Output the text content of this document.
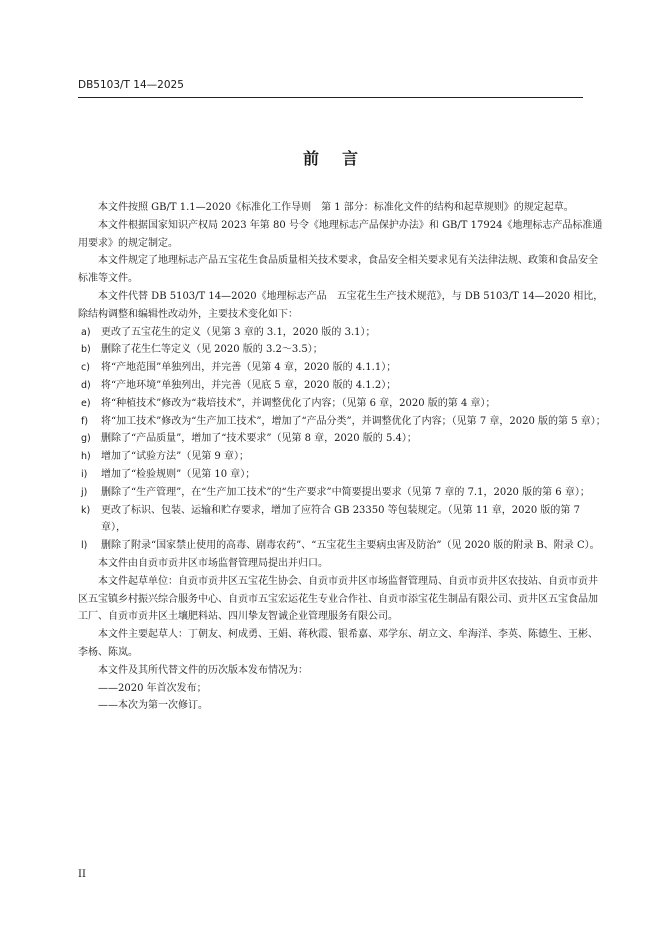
DB5103/T 14—2025
前 言

本文件按照 GB/T 1.1—2020《标准化工作导则　第 1 部分：标准化文件的结构和起草规则》的规定起草。

本文件根据国家知识产权局 2023 年第 80 号令《地理标志产品保护办法》和 GB/T 17924《地理标志产品标准通用要求》的规定制定。

本文件规定了地理标志产品五宝花生食品质量相关技术要求，食品安全相关要求见有关法律法规、政策和食品安全标准等文件。

本文件代替 DB 5103/T 14—2020《地理标志产品　五宝花生生产技术规范》，与 DB 5103/T 14—2020 相比，除结构调整和编辑性改动外，主要技术变化如下：

a)	更改了五宝花生的定义（见第 3 章的 3.1，2020 版的 3.1）；
b)	删除了花生仁等定义（见 2020 版的 3.2～3.5）；
c)	将“产地范围”单独列出，并完善（见第 4 章，2020 版的 4.1.1）；
d)	将“产地环境”单独列出，并完善（见底 5 章，2020 版的 4.1.2）；
e)	将“种植技术”修改为“栽培技术”，并调整优化了内容；（见第 6 章，2020 版的第 4 章）；
f)	将“加工技术”修改为“生产加工技术”，增加了“产品分类”，并调整优化了内容；（见第 7 章，2020 版的第 5 章）；
g)	删除了“产品质量”，增加了“技术要求”（见第 8 章，2020 版的 5.4）；
h)	增加了“试验方法”（见第 9 章）；
i)	增加了“检验规则”（见第 10 章）；
j)	删除了“生产管理”，在“生产加工技术”的“生产要求”中简要提出要求（见第 7 章的 7.1，2020 版的第 6 章）；
k)	更改了标识、包装、运输和贮存要求，增加了应符合 GB 23350 等包装规定。（见第 11 章，2020 版的第 7 章），
l)	删除了附录“国家禁止使用的高毒、剧毒农药”、“五宝花生主要病虫害及防治”（见 2020 版的附录 B、附录 C）。

本文件由自贡市贡井区市场监督管理局提出并归口。

本文件起草单位：自贡市贡井区五宝花生协会、自贡市贡井区市场监督管理局、自贡市贡井区农技站、自贡市贡井区五宝镇乡村振兴综合服务中心、自贡市五宝宏运花生专业合作社、自贡市添宝花生制品有限公司、贡井区五宝食品加工厂、自贡市贡井区土壤肥料站、四川挚友智诚企业管理服务有限公司。

本文件主要起草人：丁朝友、柯成勇、王娟、蒋秋霞、银希嘉、邓学东、胡立文、牟海洋、李英、陈德生、王彬、李杨、陈岚。

本文件及其所代替文件的历次版本发布情况为：

——2020 年首次发布；

——本次为第一次修订。

II
